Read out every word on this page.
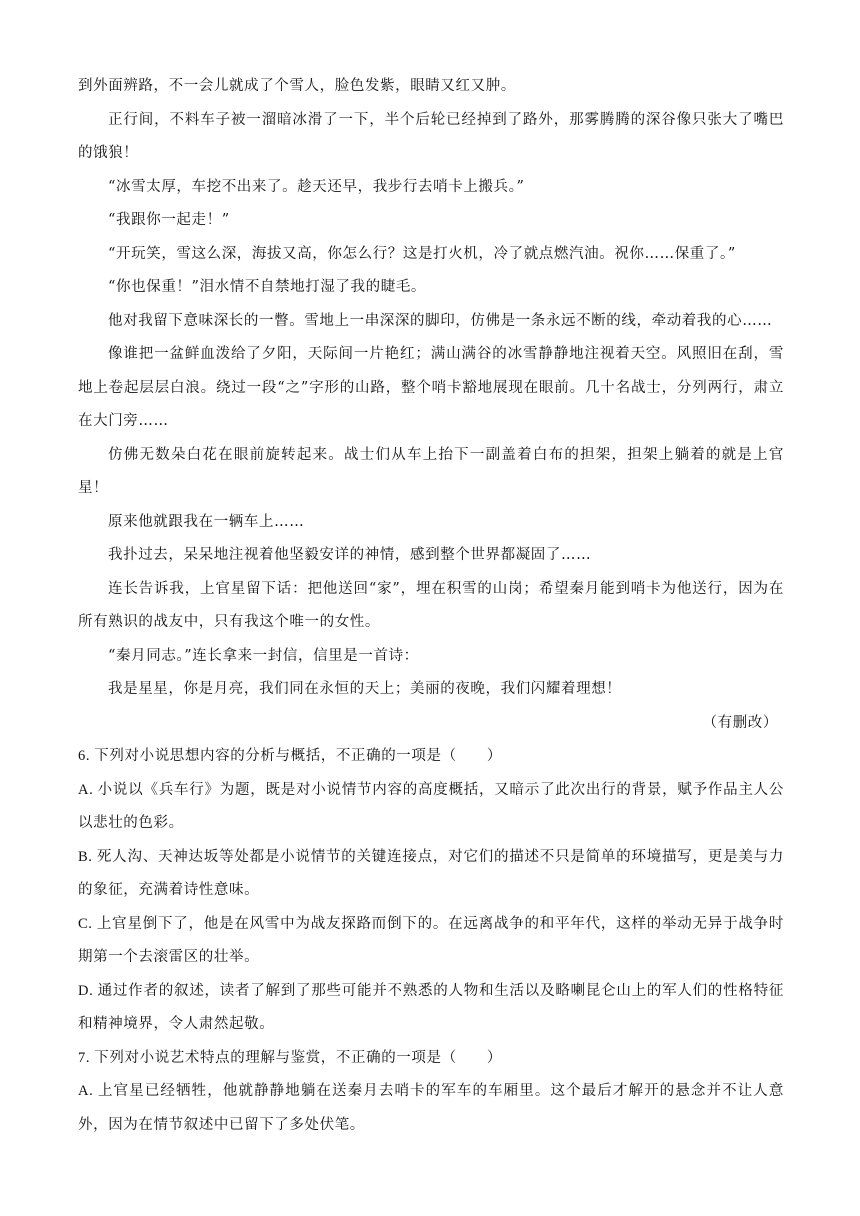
到外面辨路，不一会儿就成了个雪人，脸色发紫，眼睛又红又肿。

正行间，不料车子被一溜暗冰滑了一下，半个后轮已经掉到了路外，那雾腾腾的深谷像只张大了嘴巴的饿狼！

“冰雪太厚，车挖不出来了。趁天还早，我步行去哨卡上搬兵。”

“我跟你一起走！”

“开玩笑，雪这么深，海拔又高，你怎么行？这是打火机，冷了就点燃汽油。祝你……保重了。”

“你也保重！”泪水情不自禁地打湿了我的睫毛。

他对我留下意味深长的一瞥。雪地上一串深深的脚印，仿佛是一条永远不断的线，牵动着我的心……

像谁把一盆鲜血泼给了夕阳，天际间一片艳红；满山满谷的冰雪静静地注视着天空。风照旧在刮，雪地上卷起层层白浪。绕过一段“之”字形的山路，整个哨卡豁地展现在眼前。几十名战士，分列两行，肃立在大门旁……

仿佛无数朵白花在眼前旋转起来。战士们从车上抬下一副盖着白布的担架，担架上躺着的就是上官星！

原来他就跟我在一辆车上……

我扑过去，呆呆地注视着他坚毅安详的神情，感到整个世界都凝固了……

连长告诉我，上官星留下话：把他送回“家”，埋在积雪的山岗；希望秦月能到哨卡为他送行，因为在所有熟识的战友中，只有我这个唯一的女性。

“秦月同志。”连长拿来一封信，信里是一首诗：

我是星星，你是月亮，我们同在永恒的天上；美丽的夜晚，我们闪耀着理想！

（有删改）

6. 下列对小说思想内容的分析与概括，不正确的一项是（　　）

A. 小说以《兵车行》为题，既是对小说情节内容的高度概括，又暗示了此次出行的背景，赋予作品主人公以悲壮的色彩。

B. 死人沟、天神达坂等处都是小说情节的关键连接点，对它们的描述不只是简单的环境描写，更是美与力的象征，充满着诗性意味。

C. 上官星倒下了，他是在风雪中为战友探路而倒下的。在远离战争的和平年代，这样的举动无异于战争时期第一个去滚雷区的壮举。

D. 通过作者的叙述，读者了解到了那些可能并不熟悉的人物和生活以及略喇昆仑山上的军人们的性格特征和精神境界，令人肃然起敬。

7. 下列对小说艺术特点的理解与鉴赏，不正确的一项是（　　）

A. 上官星已经牺牲，他就静静地躺在送秦月去哨卡的军车的车厢里。这个最后才解开的悬念并不让人意外，因为在情节叙述中已留下了多处伏笔。
